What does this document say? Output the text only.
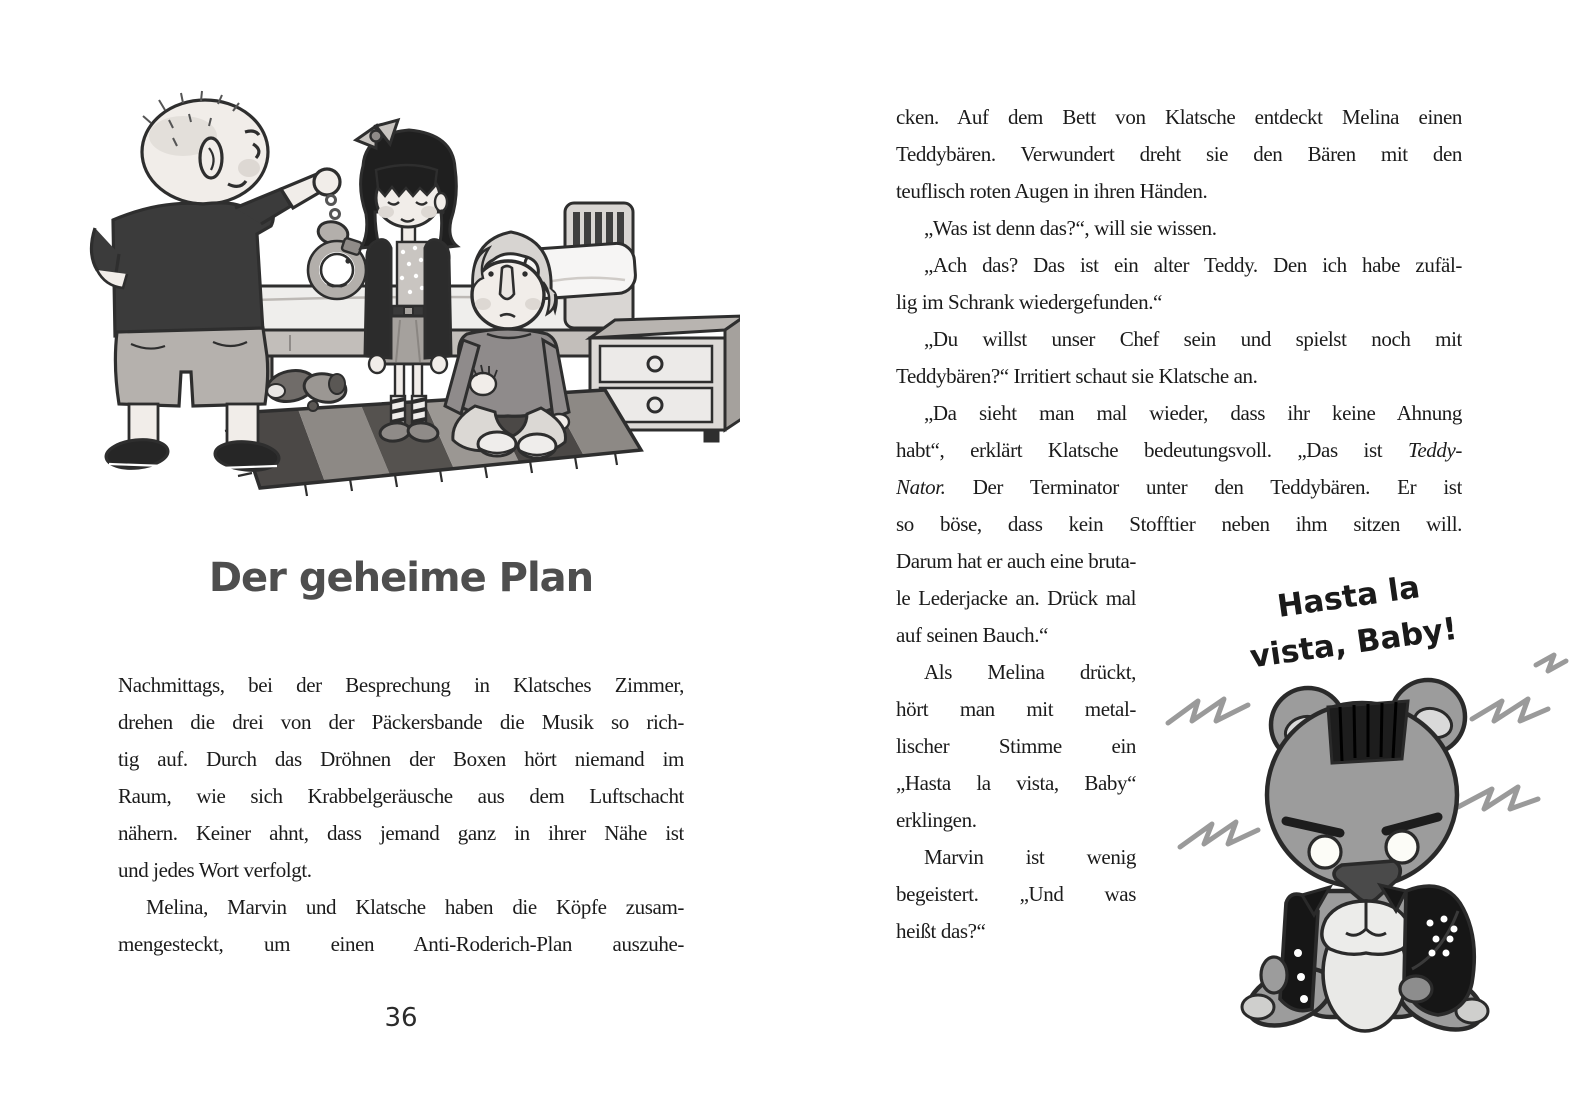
Der geheime Plan
Nachmittags, bei der Besprechung in Klatsches Zimmer,
drehen die drei von der Päckersbande die Musik so rich-
tig auf. Durch das Dröhnen der Boxen hört niemand im
Raum, wie sich Krabbelgeräusche aus dem Luftschacht
nähern. Keiner ahnt, dass jemand ganz in ihrer Nähe ist
und jedes Wort verfolgt.
Melina, Marvin und Klatsche haben die Köpfe zusam-
mengesteckt, um einen Anti-Roderich-Plan auszuhe-
36
cken. Auf dem Bett von Klatsche entdeckt Melina einen
Teddybären. Verwundert dreht sie den Bären mit den
teuflisch roten Augen in ihren Händen.
„Was ist denn das?“, will sie wissen.
„Ach das? Das ist ein alter Teddy. Den ich habe zufäl-
lig im Schrank wiedergefunden.“
„Du willst unser Chef sein und spielst noch mit
Teddybären?“ Irritiert schaut sie Klatsche an.
„Da sieht man mal wieder, dass ihr keine Ahnung
habt“, erklärt Klatsche bedeutungsvoll. „Das ist Teddy-
Nator. Der Terminator unter den Teddybären. Er ist
so böse, dass kein Stofftier neben ihm sitzen will.
Darum hat er auch eine bruta-
le Lederjacke an. Drück mal
auf seinen Bauch.“
Als Melina drückt,
hört man mit metal-
lischer Stimme ein
„Hasta la vista, Baby“
erklingen.
Marvin ist wenig
begeistert. „Und was
heißt das?“
Hasta la
vista, Baby!
